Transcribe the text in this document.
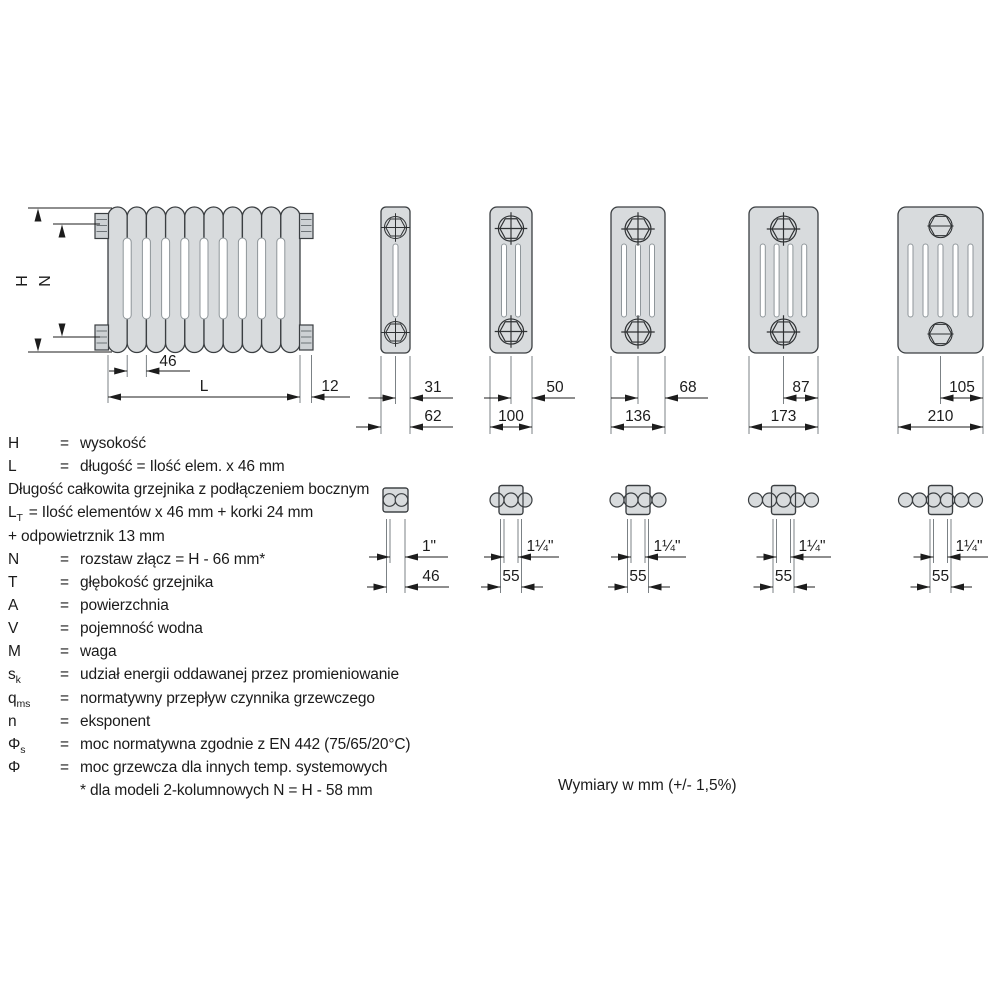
H N
46
L	12	31
62
50
100
68
136
87
173
105
210
1"
46
1¼"
55
1¼"
55
1¼"
55
1¼"
55
H	= wysokość
L	= długość = Ilość elem. x 46 mm
Długość całkowita grzejnika z podłączeniem bocznym
$L_T$ = Ilość elementów x 46 mm + korki 24 mm
+ odpowietrznik 13 mm
N	= rozstaw złącz = H - 66 mm*
T	= głębokość grzejnika
A	= powierzchnia
V	= pojemność wodna
M	= waga
$s_k$	= udział energii oddawanej przez promieniowanie
$q_{ms}$	= normatywny przepływ czynnika grzewczego
n	= eksponent
$\Phi_s$	= moc normatywna zgodnie z EN 442 (75/65/20°C)
Φ	= moc grzewcza dla innych temp. systemowych
* dla modeli 2-kolumnowych N = H - 58 mm	Wymiary w mm (+/- 1,5%)
